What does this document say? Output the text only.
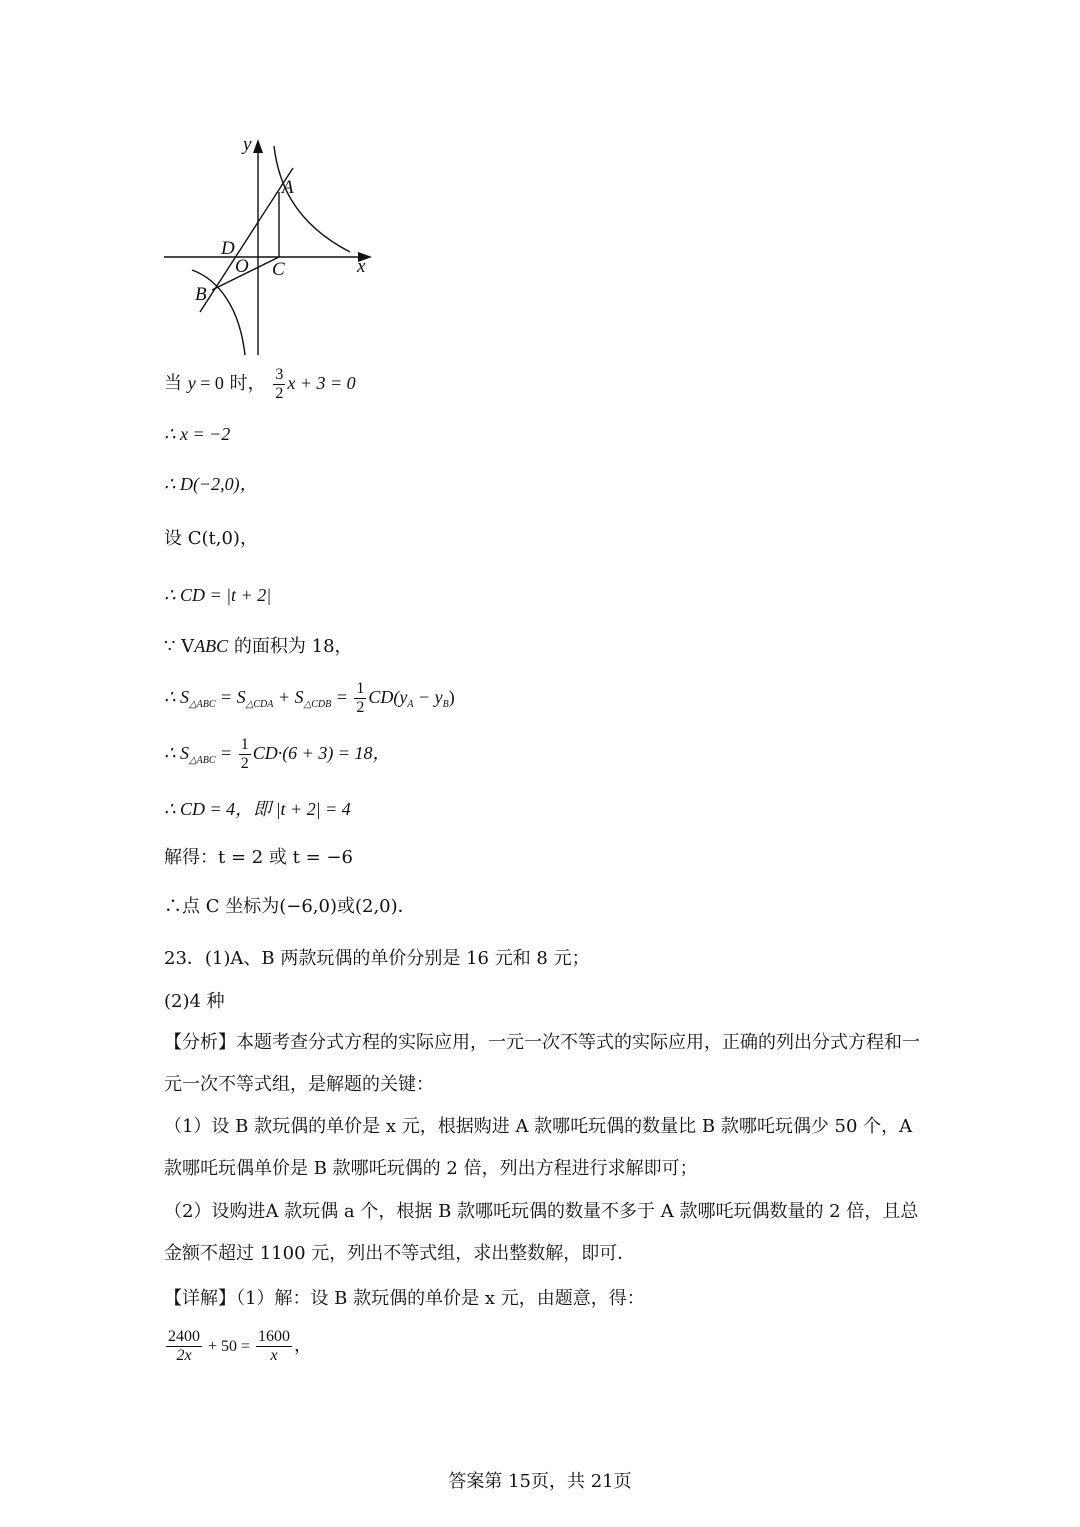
y
A
D
O C	x
B
当 y = 0 时， $\frac{3}{2}$ x + 3 = 0
∴ x = −2
∴ D(−2,0)，
设 C(t,0)，
∴ CD = |t + 2|
∵ VABC 的面积为 18，
∴ $S_{\triangle ABC} = S_{\triangle CDA} + S_{\triangle CDB} = \frac{1}{2} CD(y_A - y_B)$
∴ $S_{\triangle ABC} = \frac{1}{2} CD\cdot(6 + 3) = 18$，
∴ CD = 4，即 |t + 2| = 4
解得：t = 2 或 t = −6
∴点 C 坐标为(−6,0)或(2,0)．
23．(1)A、B 两款玩偶的单价分别是 16 元和 8 元；
(2)4 种
【分析】本题考查分式方程的实际应用，一元一次不等式的实际应用，正确的列出分式方程和一元一次不等式组，是解题的关键：
（1）设 B 款玩偶的单价是 x 元，根据购进 A 款哪吒玩偶的数量比 B 款哪吒玩偶少 50 个，A 款哪吒玩偶单价是 B 款哪吒玩偶的 2 倍，列出方程进行求解即可；
（2）设购进A 款玩偶 a 个，根据 B 款哪吒玩偶的数量不多于 A 款哪吒玩偶数量的 2 倍，且总金额不超过 1100 元，列出不等式组，求出整数解，即可．
【详解】（1）解：设 B 款玩偶的单价是 x 元，由题意，得：
$\frac{2400}{2x} + 50 = \frac{1600}{x}$ ，
答案第 15页，共 21页
